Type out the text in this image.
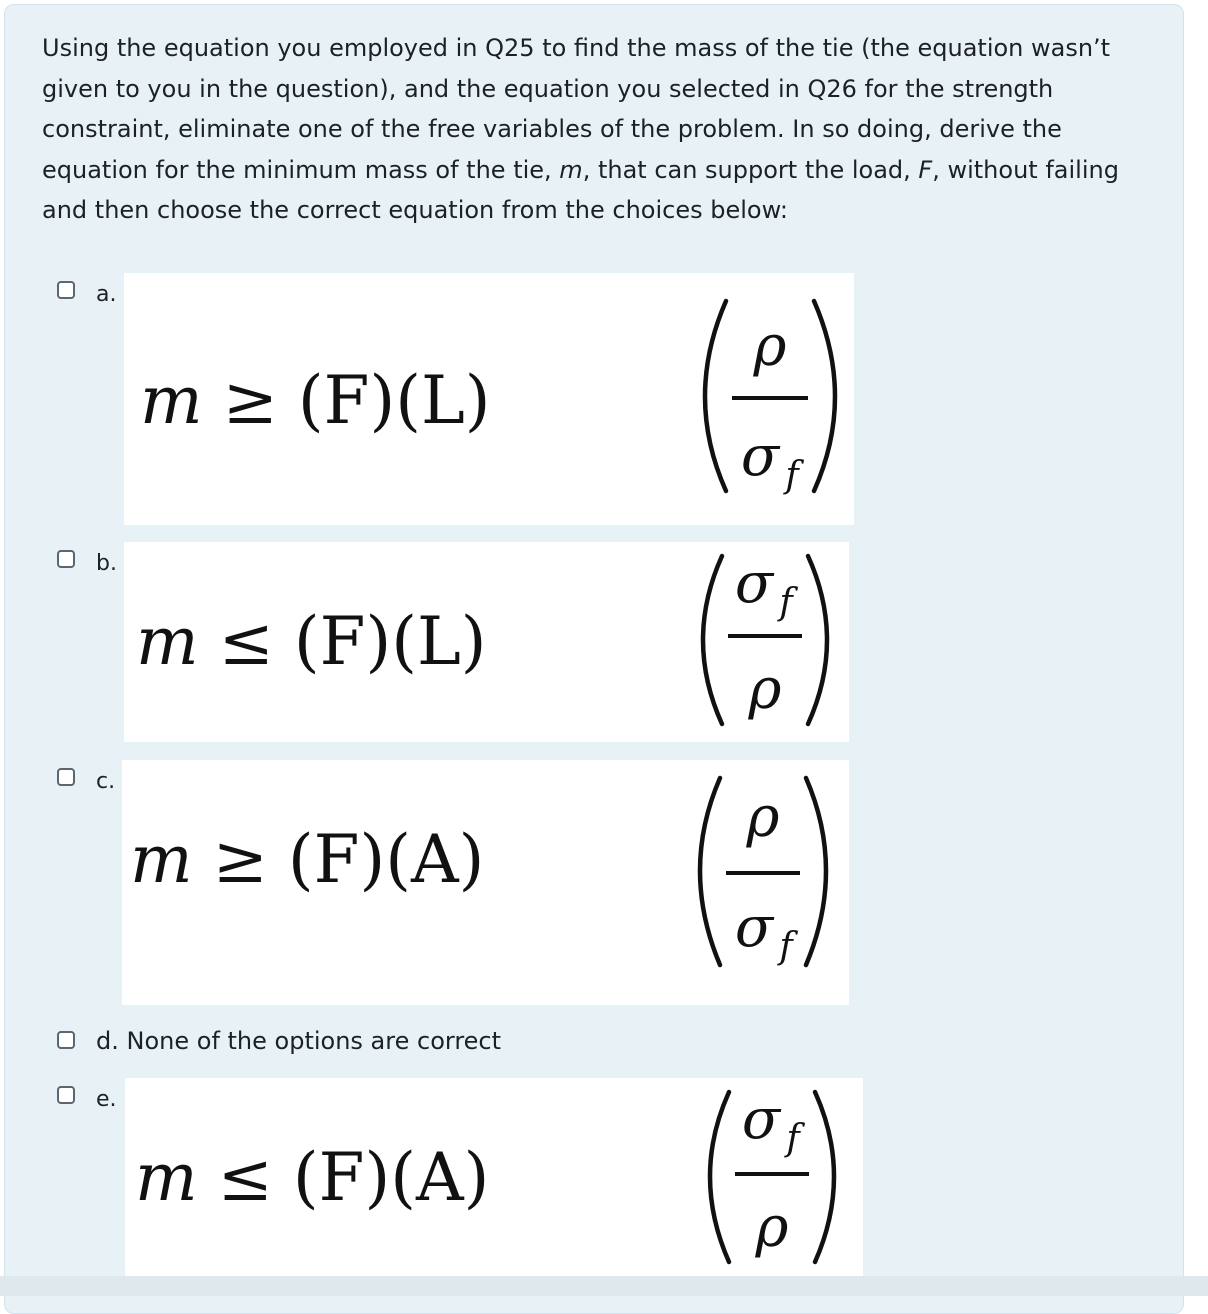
Using the equation you employed in Q25 to find the mass of the tie (the equation wasn’t given to you in the question), and the equation you selected in Q26 for the strength constraint, eliminate one of the free variables of the problem. In so doing, derive the equation for the minimum mass of the tie, m, that can support the load, F, without failing and then choose the correct equation from the choices below:

a.
m ≥ (F)(L)
ρ
σ f
b.
m ≤ (F)(L)
σ f
ρ
c.
m ≥ (F)(A)
ρ
σ f
d. None of the options are correct
e.
m ≤ (F)(A)
σ f
ρ
